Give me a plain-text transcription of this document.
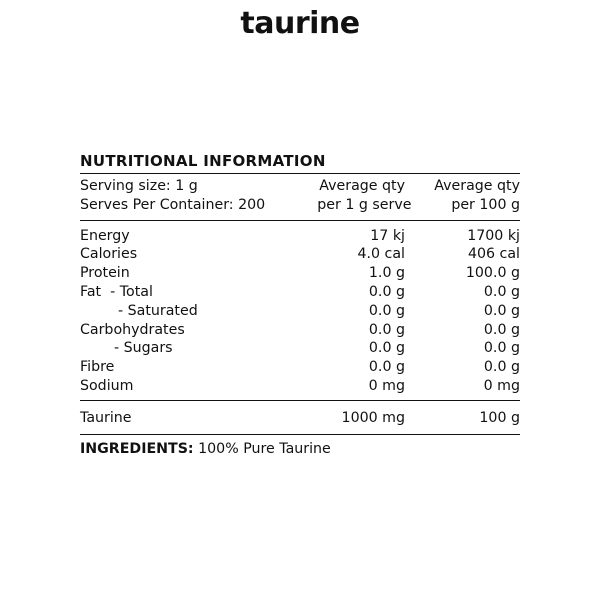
taurine
NUTRITIONAL INFORMATION
Serving size: 1 g	Average qty	Average qty
Serves Per Container: 200	per 1 g serve	per 100 g
Energy	17 kj	1700 kj
Calories	4.0 cal	406 cal
Protein	1.0 g	100.0 g
Fat  - Total	0.0 g	0.0 g
- Saturated	0.0 g	0.0 g
Carbohydrates	0.0 g	0.0 g
- Sugars	0.0 g	0.0 g
Fibre	0.0 g	0.0 g
Sodium	0 mg	0 mg
Taurine	1000 mg	100 g
INGREDIENTS: 100% Pure Taurine
